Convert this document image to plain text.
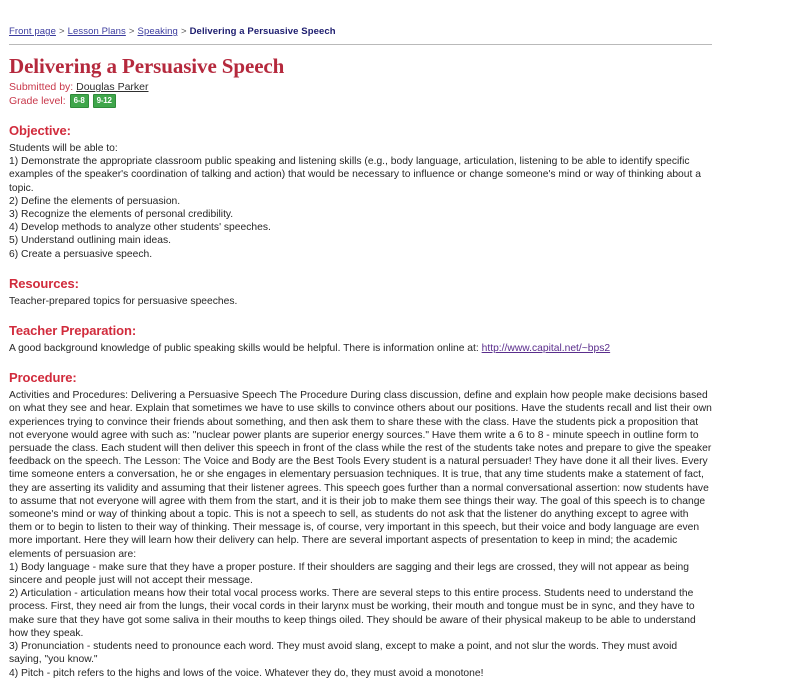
Front page > Lesson Plans > Speaking > Delivering a Persuasive Speech
Delivering a Persuasive Speech

Submitted by: Douglas Parker

Grade level:	6-8	9-12
Objective:
Students will be able to:
1) Demonstrate the appropriate classroom public speaking and listening skills (e.g., body language, articulation, listening to be able to identify specific examples of the speaker's coordination of talking and action) that would be necessary to influence or change someone's mind or way of thinking about a topic.
2) Define the elements of persuasion.
3) Recognize the elements of personal credibility.
4) Develop methods to analyze other students' speeches.
5) Understand outlining main ideas.
6) Create a persuasive speech.
Resources:
Teacher-prepared topics for persuasive speeches.
Teacher Preparation:
A good background knowledge of public speaking skills would be helpful. There is information online at: http://www.capital.net/~bps2
Procedure:
Activities and Procedures: Delivering a Persuasive Speech The Procedure During class discussion, define and explain how people make decisions based on what they see and hear. Explain that sometimes we have to use skills to convince others about our positions. Have the students recall and list their own experiences trying to convince their friends about something, and then ask them to share these with the class. Have the students pick a proposition that not everyone would agree with such as: "nuclear power plants are superior energy sources." Have them write a 6 to 8 - minute speech in outline form to persuade the class. Each student will then deliver this speech in front of the class while the rest of the students take notes and prepare to give the speaker feedback on the speech. The Lesson: The Voice and Body are the Best Tools Every student is a natural persuader! They have done it all their lives. Every time someone enters a conversation, he or she engages in elementary persuasion techniques. It is true, that any time students make a statement of fact, they are asserting its validity and assuming that their listener agrees. This speech goes further than a normal conversational assertion: now students have to assume that not everyone will agree with them from the start, and it is their job to make them see things their way. The goal of this speech is to change someone's mind or way of thinking about a topic. This is not a speech to sell, as students do not ask that the listener do anything except to agree with them or to begin to listen to their way of thinking. Their message is, of course, very important in this speech, but their voice and body language are even more important. Here they will learn how their delivery can help. There are several important aspects of presentation to keep in mind; the academic elements of persuasion are:
1) Body language - make sure that they have a proper posture. If their shoulders are sagging and their legs are crossed, they will not appear as being sincere and people just will not accept their message.
2) Articulation - articulation means how their total vocal process works. There are several steps to this entire process. Students need to understand the process. First, they need air from the lungs, their vocal cords in their larynx must be working, their mouth and tongue must be in sync, and they have to make sure that they have got some saliva in their mouths to keep things oiled. They should be aware of their physical makeup to be able to understand how they speak.
3) Pronunciation - students need to pronounce each word. They must avoid slang, except to make a point, and not slur the words. They must avoid saying, "you know."
4) Pitch - pitch refers to the highs and lows of the voice. Whatever they do, they must avoid a monotone!
